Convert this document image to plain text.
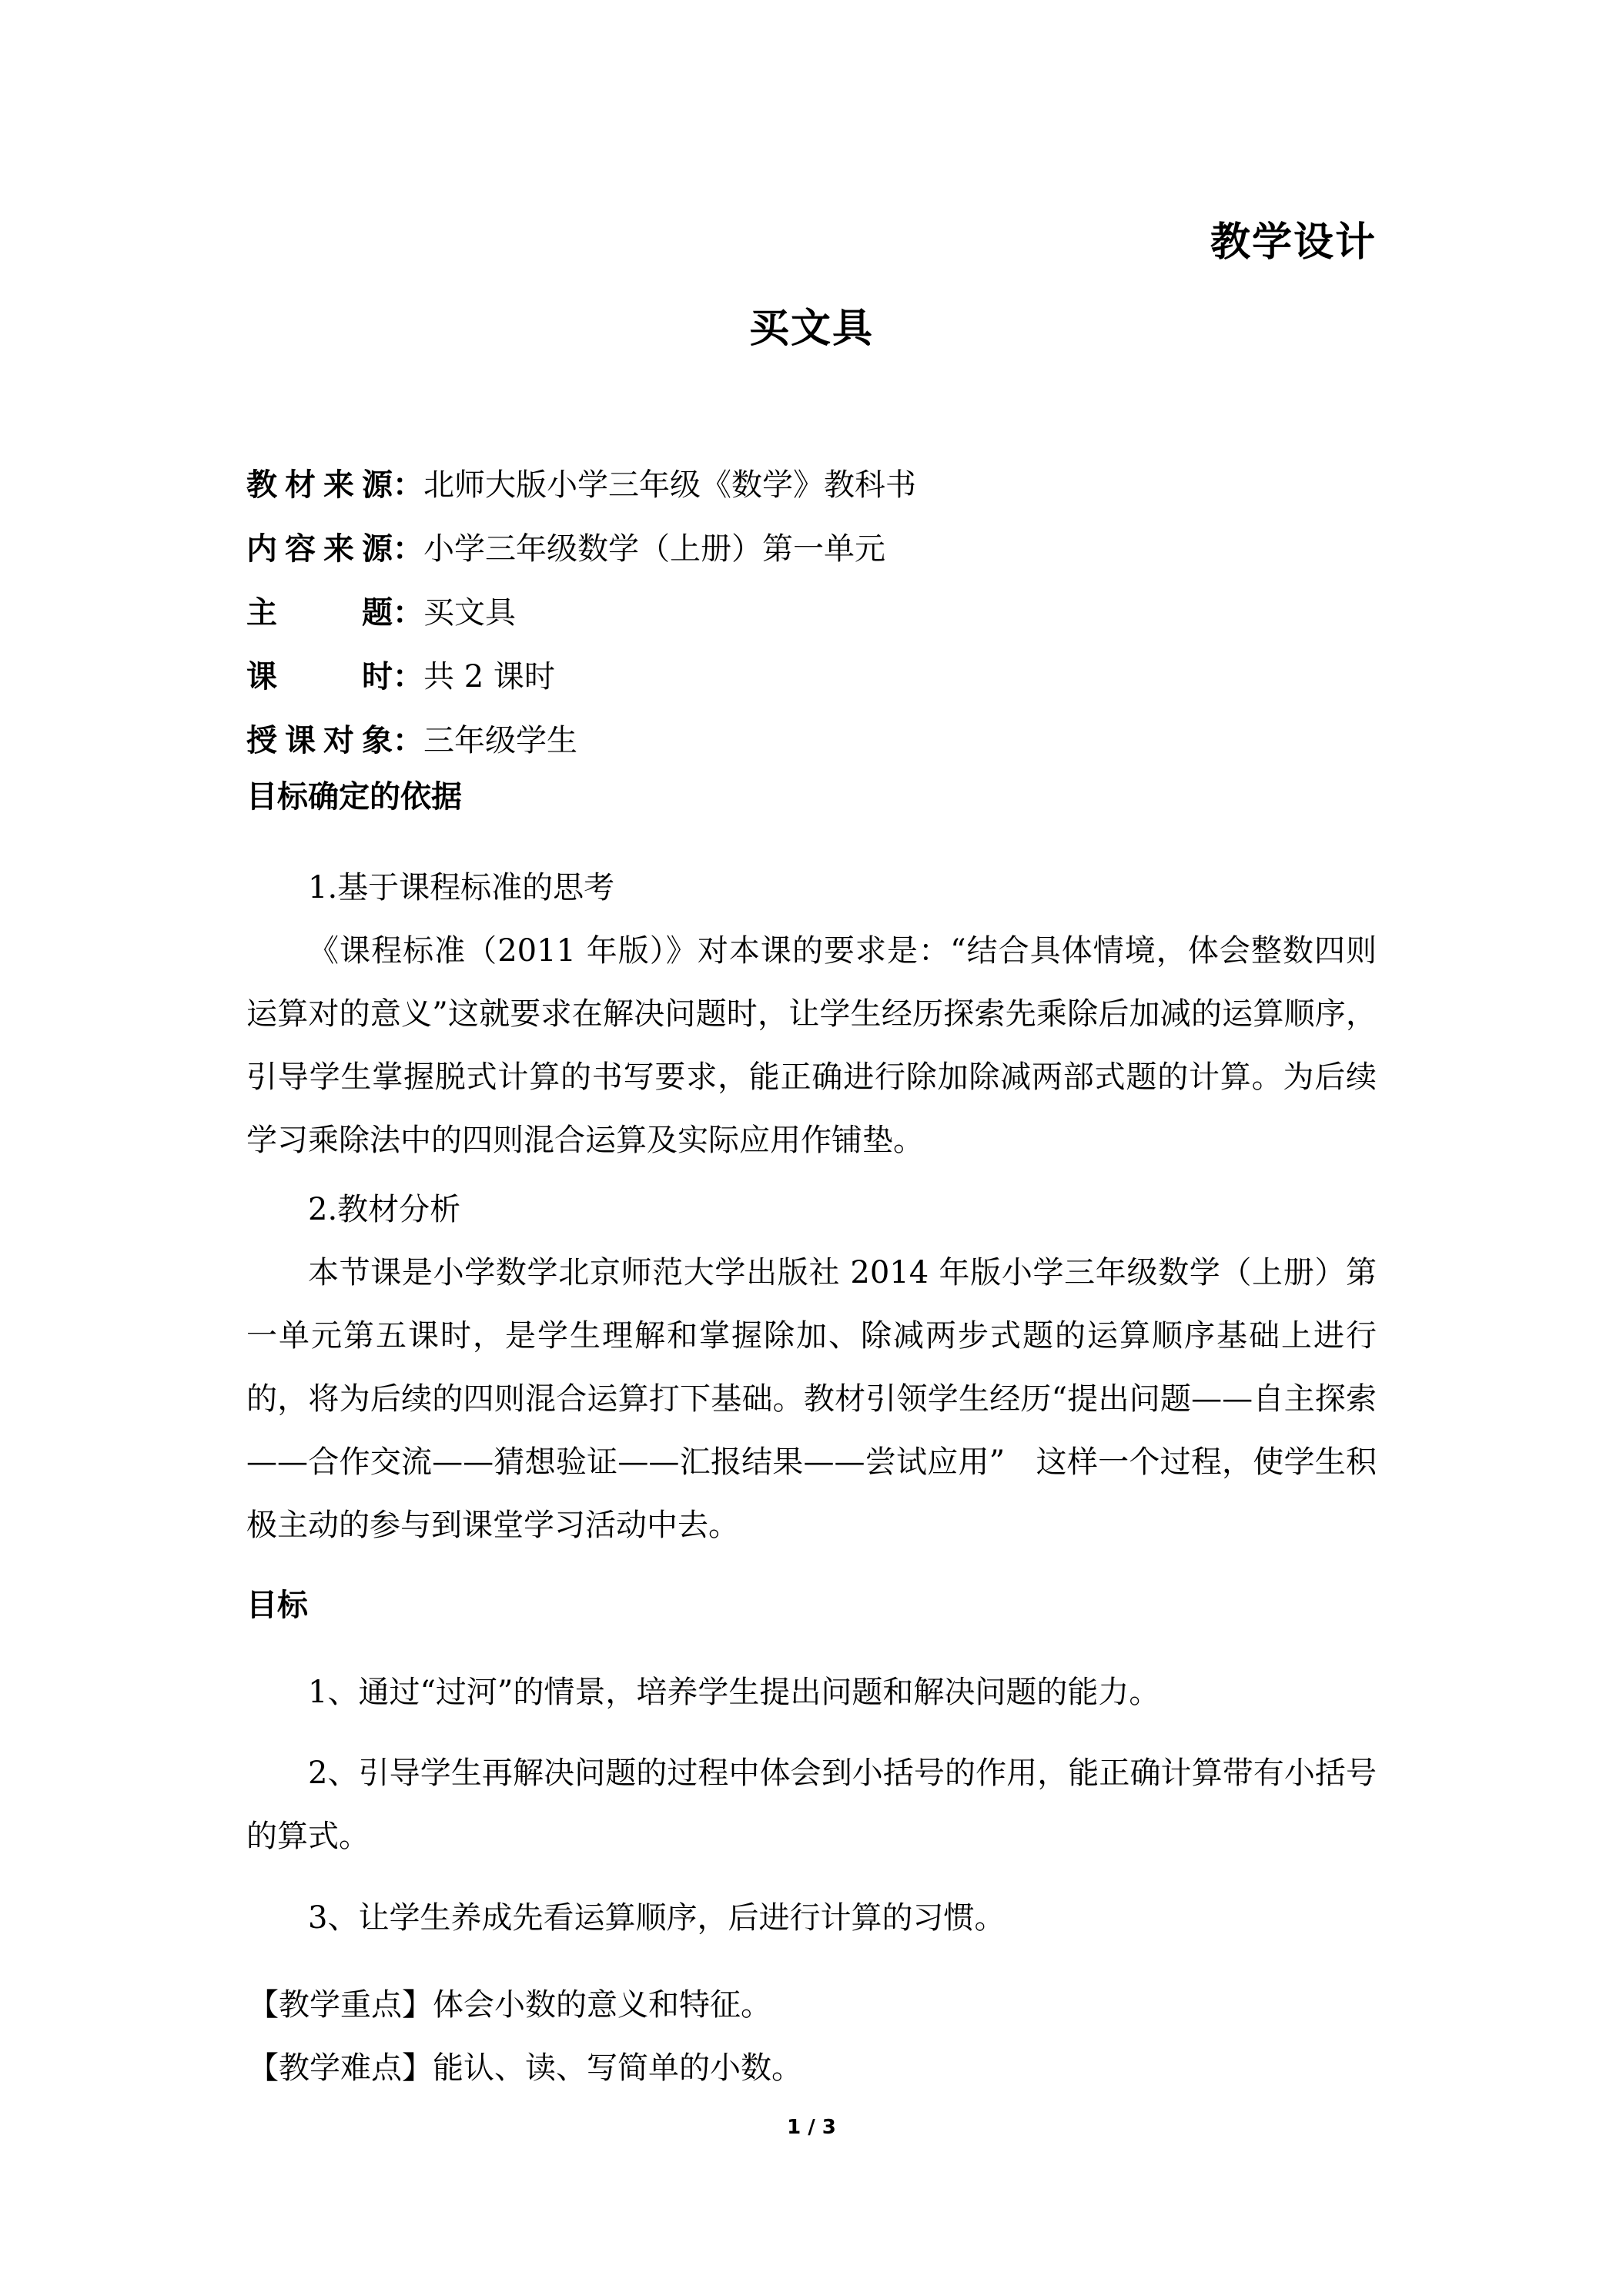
教学设计
买文具
教材来源：北师大版小学三年级《数学》教科书
内容来源：小学三年级数学（上册）第一单元
主 题：买文具
课 时：共 2 课时
授课对象：三年级学生
目标确定的依据
1.基于课程标准的思考
《课程标准（2011 年版）》对本课的要求是：“结合具体情境，体会整数四则运算对的意义”这就要求在解决问题时，让学生经历探索先乘除后加减的运算顺序，引导学生掌握脱式计算的书写要求，能正确进行除加除减两部式题的计算。为后续学习乘除法中的四则混合运算及实际应用作铺垫。
2.教材分析
本节课是小学数学北京师范大学出版社 2014 年版小学三年级数学（上册）第一单元第五课时，是学生理解和掌握除加、除减两步式题的运算顺序基础上进行的，将为后续的四则混合运算打下基础。教材引领学生经历“提出问题——自主探索——合作交流——猜想验证——汇报结果——尝试应用”　这样一个过程，使学生积极主动的参与到课堂学习活动中去。
目标
1、通过“过河”的情景，培养学生提出问题和解决问题的能力。
2、引导学生再解决问题的过程中体会到小括号的作用，能正确计算带有小括号的算式。
3、让学生养成先看运算顺序，后进行计算的习惯。
【教学重点】体会小数的意义和特征。
【教学难点】能认、读、写简单的小数。
1 / 3
